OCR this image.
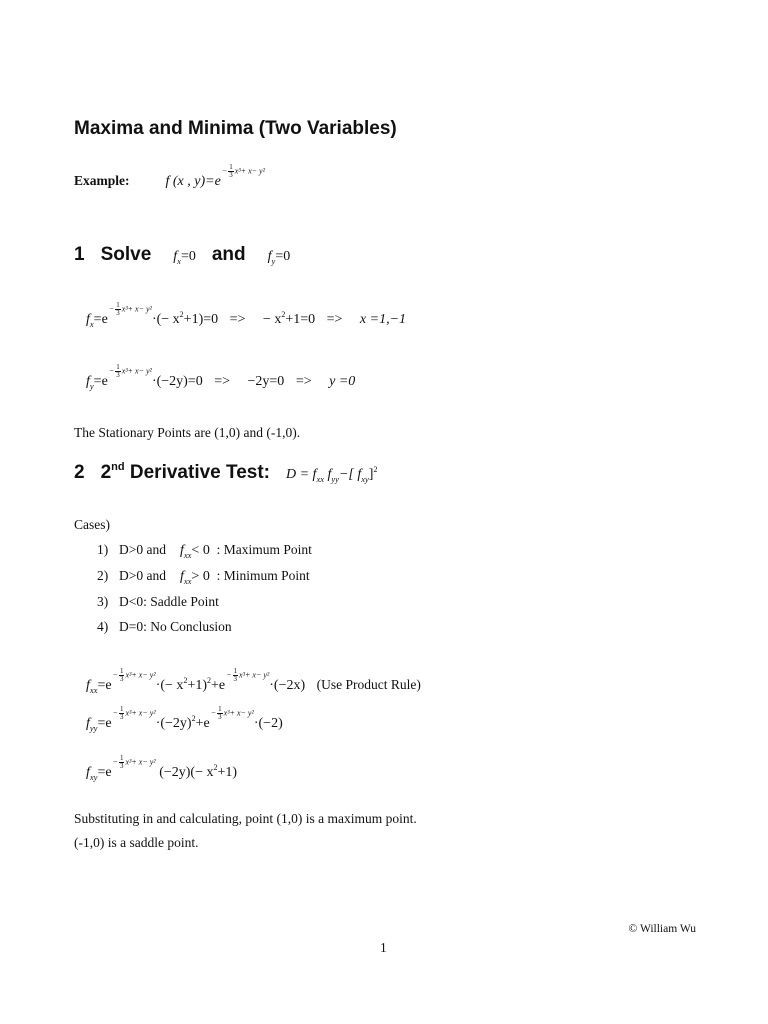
Maxima and Minima (Two Variables)
Example:	f (x , $y)=e- \frac{1}{3} x^3+ x- y^2$
1 Solve $f_x=0$ and $f_y=0$
$f_x=e- \frac{1}{3} x^3+ x- y^2\cdot(- x^2+1)=0$ => − $x^2+1=0 => x =1,-1$
$f_y=e- \frac{1}{3} x^3+ x- y^2\cdot(-2y)=0 => -2y=0 => y =0$
The Stationary Points are (1,0) and (-1,0).
2 2nd Derivative Test: $D = f_{xx}$ $f_{yy}-$[ $f_{xy}]^2$
Cases)
1) D>0 and $f_{xx}< 0$ : Maximum Point
2) D>0 and $f_{xx}> 0$ : Minimum Point
3) D<0: Saddle Point
4) D=0: No Conclusion
$f_{xx}=e- \frac{1}{3} x^3+ x- y^2\cdot(- x^2+1)^2+e- \frac{1}{3} x^3+ x- y^2\cdot(-2x)$ (Use Product Rule)
$f_{yy}=e- \frac{1}{3} x^3+ x- y^2\cdot(-2y)^2+e- \frac{1}{3} x^3+ x- y^2\cdot(-2)$
$f_{xy}=e- \frac{1}{3} x^3+ x- y^2$ $(-2y)(- x^2+1)$
Substituting in and calculating, point (1,0) is a maximum point.
(-1,0) is a saddle point.
© William Wu
1
